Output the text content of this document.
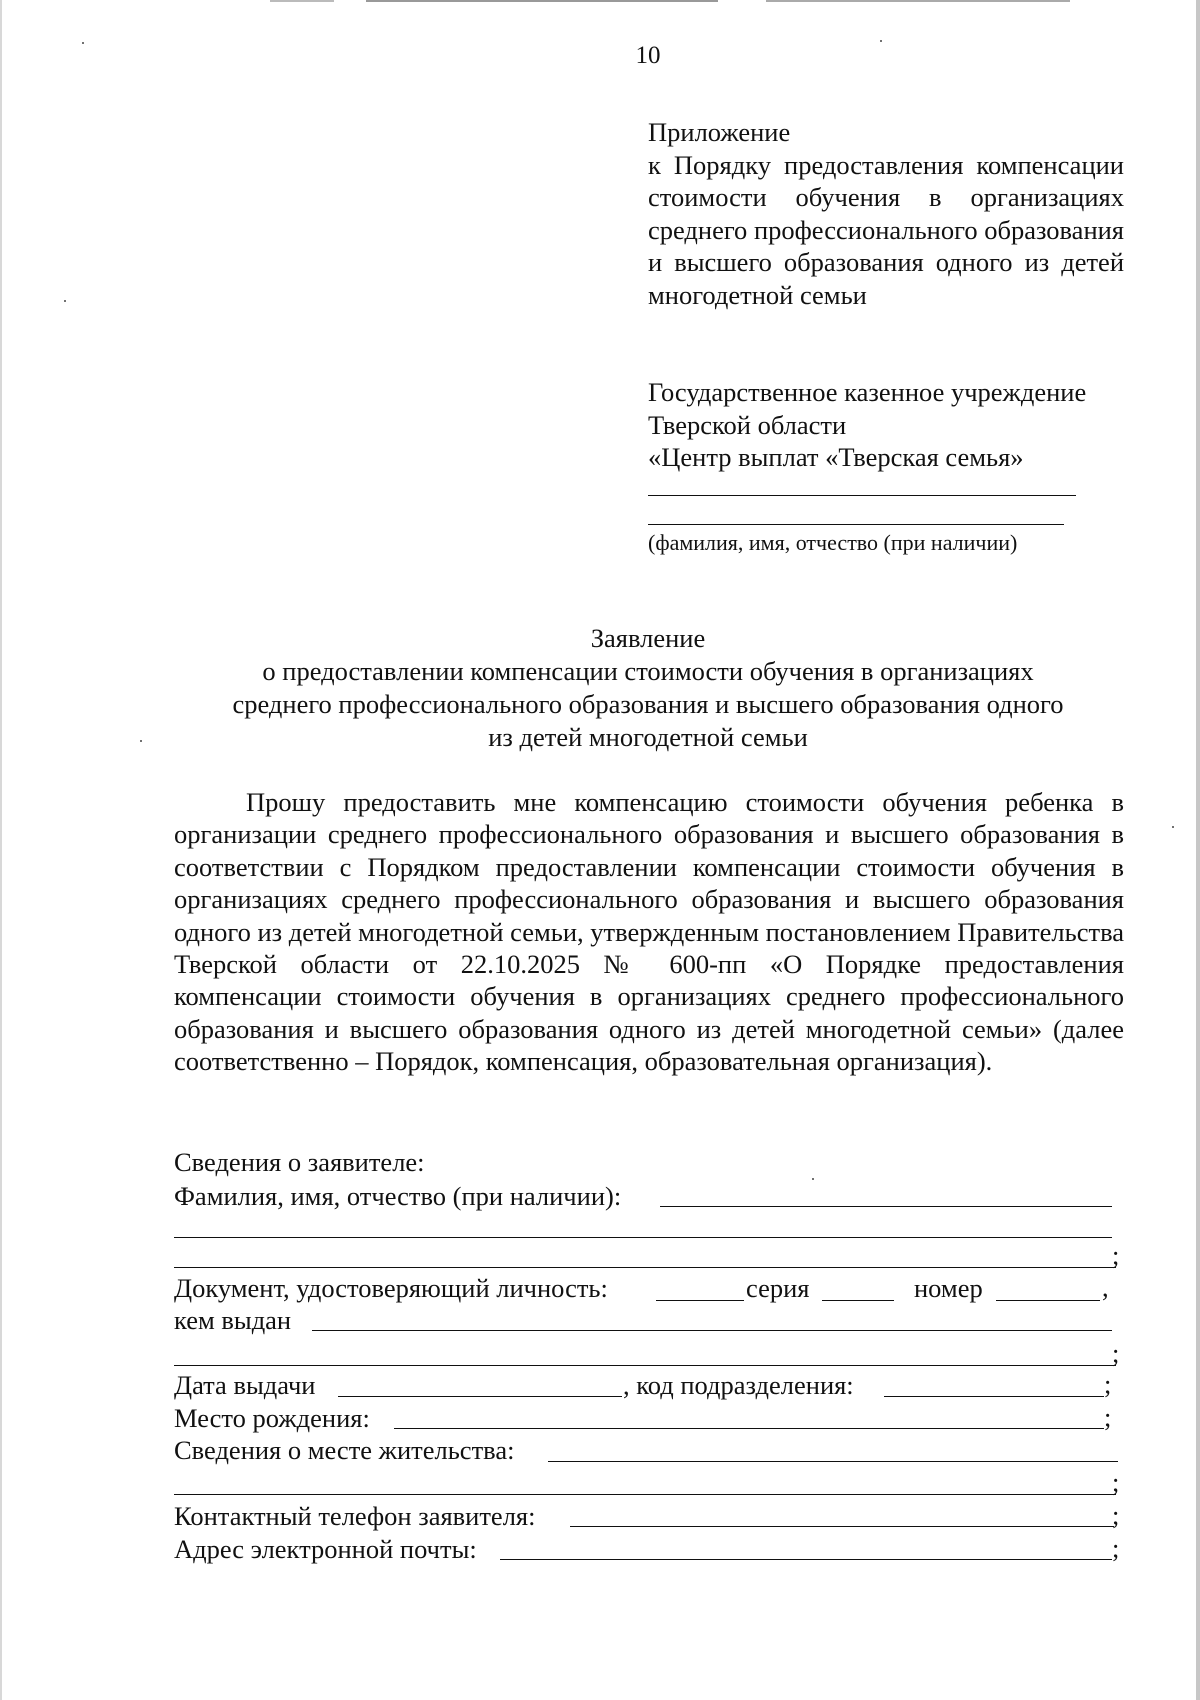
10
Приложение
к Порядку предоставления компенсации стоимости обучения в организациях среднего профессионального образования и высшего образования одного из детей многодетной семьи
Государственное казенное учреждение
Тверской области
«Центр выплат «Тверская семья»
(фамилия, имя, отчество (при наличии)
Заявление
о предоставлении компенсации стоимости обучения в организациях
среднего профессионального образования и высшего образования одного
из детей многодетной семьи
Прошу предоставить мне компенсацию стоимости обучения ребенка в организации среднего профессионального образования и высшего образования в соответствии с Порядком предоставлении компенсации стоимости обучения в организациях среднего профессионального образования и высшего образования одного из детей многодетной семьи, утвержденным постановлением Правительства Тверской области от 22.10.2025 № 600-пп «О Порядке предоставления компенсации стоимости обучения в организациях среднего профессионального образования и высшего образования одного из детей многодетной семьи» (далее соответственно – Порядок, компенсация, образовательная организация).
Сведения о заявителе:
Фамилия, имя, отчество (при наличии):
;
Документ, удостоверяющий личность:	серия	номер	,
кем выдан
;
Дата выдачи	, код подразделения:	;
Место рождения:	;
Сведения о месте жительства:
;
Контактный телефон заявителя:	;
Адрес электронной почты:	;
